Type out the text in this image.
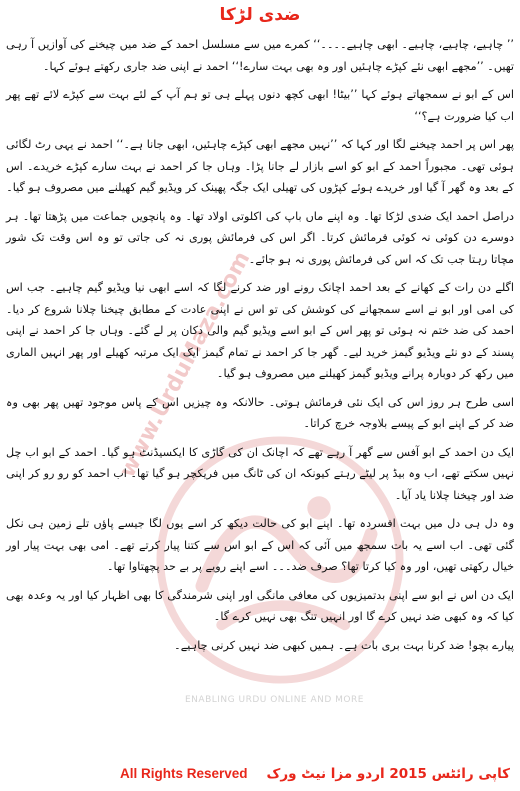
www.UrduMaza.com
ENABLING URDU ONLINE AND MORE
ضدی لڑکا

’’ چاہیے، چاہیے، چاہیے۔ ابھی چاہیے۔۔۔۔‘‘ کمرے میں سے مسلسل احمد کے ضد میں چیخنے کی آوازیں آ رہی تھیں۔ ’’مجھے ابھی نئے کپڑے چاہئیں اور وہ بھی بہت سارے!‘‘ احمد نے اپنی ضد جاری رکھتے ہوئے کہا۔

اس کے ابو نے سمجھاتے ہوئے کہا ’’بیٹا! ابھی کچھ دنوں پہلے ہی تو ہم آپ کے لئے بہت سے کپڑے لائے تھے پھر اب کیا ضرورت ہے؟‘‘

پھر اس پر احمد چیخنے لگا اور کہا کہ ’’نہیں مجھے ابھی کپڑے چاہئیں، ابھی جانا ہے۔‘‘ احمد نے یہی رٹ لگائی ہوئی تھی۔ مجبوراً احمد کے ابو کو اسے بازار لے جانا پڑا۔ وہاں جا کر احمد نے بہت سارے کپڑے خریدے۔ اس کے بعد وہ گھر آ گیا اور خریدے ہوئے کپڑوں کی تھیلی ایک جگہ پھینک کر ویڈیو گیم کھیلنے میں مصروف ہو گیا۔

دراصل احمد ایک ضدی لڑکا تھا۔ وہ اپنے ماں باپ کی اکلوتی اولاد تھا۔ وہ پانچویں جماعت میں پڑھتا تھا۔ ہر دوسرے دن کوئی نہ کوئی فرمائش کرتا۔ اگر اس کی فرمائش پوری نہ کی جاتی تو وہ اس وقت تک شور مچاتا رہتا جب تک کہ اس کی فرمائش پوری نہ ہو جائے۔

اگلے دن رات کے کھانے کے بعد احمد اچانک رونے اور ضد کرنے لگا کہ اسے ابھی نیا ویڈیو گیم چاہیے۔ جب اس کی امی اور ابو نے اسے سمجھانے کی کوشش کی تو اس نے اپنی عادت کے مطابق چیخنا چلانا شروع کر دیا۔ احمد کی ضد ختم نہ ہوئی تو پھر اس کے ابو اسے ویڈیو گیم والی دکان پر لے گئے۔ وہاں جا کر احمد نے اپنی پسند کے دو نئے ویڈیو گیمز خرید لیے۔ گھر جا کر احمد نے تمام گیمز ایک ایک مرتبہ کھیلے اور پھر انہیں الماری میں رکھ کر دوبارہ پرانے ویڈیو گیمز کھیلنے میں مصروف ہو گیا۔

اسی طرح ہر روز اس کی ایک نئی فرمائش ہوتی۔ حالانکہ وہ چیزیں اس کے پاس موجود تھیں پھر بھی وہ ضد کر کے اپنے ابو کے پیسے بلاوجہ خرچ کراتا۔

ایک دن احمد کے ابو آفس سے گھر آ رہے تھے کہ اچانک ان کی گاڑی کا ایکسیڈنٹ ہو گیا۔ احمد کے ابو اب چل نہیں سکتے تھے، اب وہ بیڈ پر لیٹے رہتے کیونکہ ان کی ٹانگ میں فریکچر ہو گیا تھا۔ اب احمد کو رو رو کر اپنی ضد اور چیخنا چلانا یاد آیا۔

وہ دل ہی دل میں بہت افسردہ تھا۔ اپنے ابو کی حالت دیکھ کر اسے یوں لگا جیسے پاؤں تلے زمین ہی نکل گئی تھی۔ اب اسے یہ بات سمجھ میں آئی کہ اس کے ابو اس سے کتنا پیار کرتے تھے۔ امی بھی بہت پیار اور خیال رکھتی تھیں، اور وہ کیا کرتا تھا؟ صرف ضد۔۔۔ اسے اپنے رویے پر بے حد پچھتاوا تھا۔

ایک دن اس نے ابو سے اپنی بدتمیزیوں کی معافی مانگی اور اپنی شرمندگی کا بھی اظہار کیا اور یہ وعدہ بھی کیا کہ وہ کبھی ضد نہیں کرے گا اور انہیں تنگ بھی نہیں کرے گا۔

پیارے بچو! ضد کرنا بہت بری بات ہے۔ ہمیں کبھی ضد نہیں کرنی چاہیے۔

کاپی رائٹس 2015 اردو مزا نیٹ ورک
All Rights Reserved
